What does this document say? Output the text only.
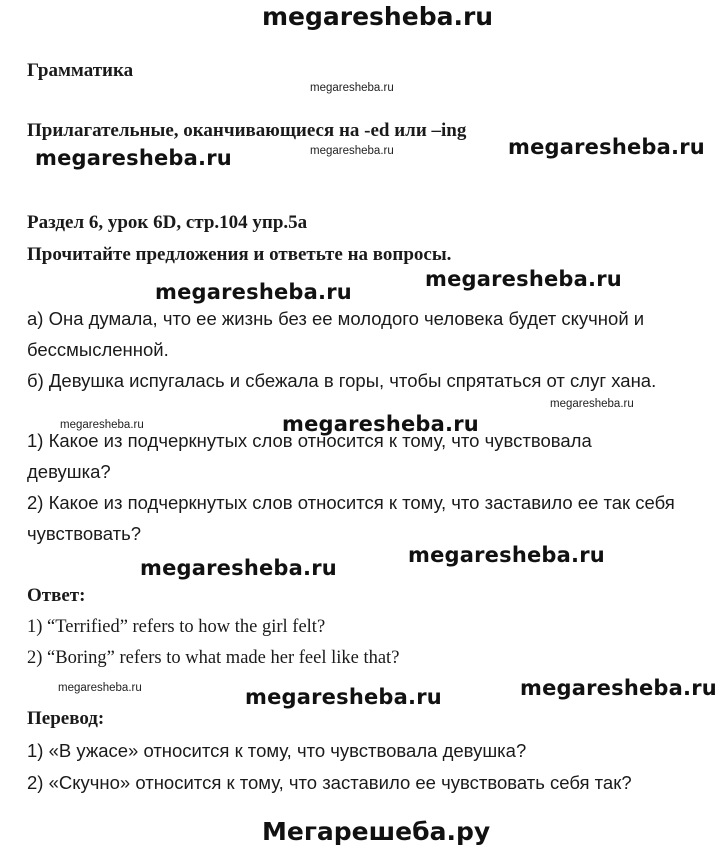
megaresheba.ru
Грамматика
megaresheba.ru
Прилагательные, оканчивающиеся на -ed или –ing
megaresheba.ru	megaresheba.ru	megaresheba.ru
Раздел 6, урок 6D, стр.104 упр.5а
Прочитайте предложения и ответьте на вопросы.
megaresheba.ru
megaresheba.ru
а) Она думала, что ее жизнь без ее молодого человека будет скучной и
бессмысленной.
б) Девушка испугалась и сбежала в горы, чтобы спрятаться от слуг хана.
megaresheba.ru	megaresheba.ru
megaresheba.ru
1) Какое из подчеркнутых слов относится к тому, что чувствовала
девушка?
2) Какое из подчеркнутых слов относится к тому, что заставило ее так себя
чувствовать?
megaresheba.ru
megaresheba.ru
Ответ:
1) “Terrified” refers to how the girl felt?
2) “Boring” refers to what made her feel like that?
megaresheba.ru	megaresheba.ru	megaresheba.ru
Перевод:
1) «В ужасе» относится к тому, что чувствовала девушка?
2) «Скучно» относится к тому, что заставило ее чувствовать себя так?
Мегарешеба.ру
